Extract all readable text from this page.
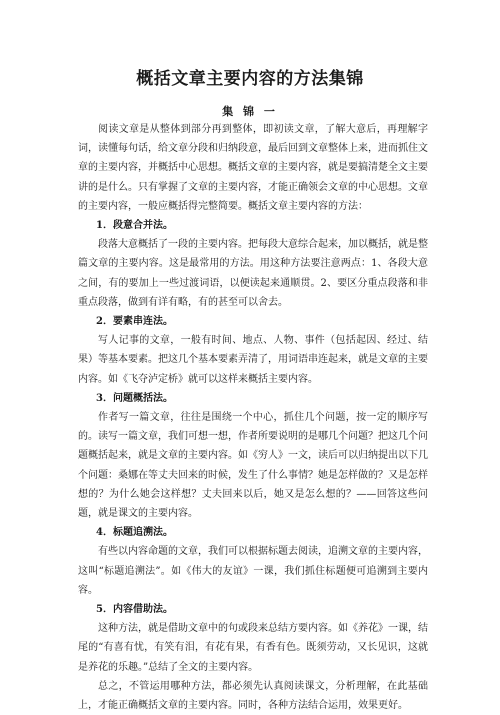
概括文章主要内容的方法集锦
集 锦 一

阅读文章是从整体到部分再到整体，即初读文章，了解大意后，再理解字词，读懂每句话，给文章分段和归纳段意，最后回到文章整体上来，进而抓住文章的主要内容，并概括中心思想。概括文章的主要内容，就是要搞清楚全文主要讲的是什么。只有掌握了文章的主要内容，才能正确领会文章的中心思想。文章的主要内容，一般应概括得完整简要。概括文章主要内容的方法：

1．段意合并法。

段落大意概括了一段的主要内容。把每段大意综合起来，加以概括，就是整篇文章的主要内容。这是最常用的方法。用这种方法要注意两点：1、各段大意之间，有的要加上一些过渡词语，以便读起来通顺贯。2、要区分重点段落和非重点段落，做到有详有略，有的甚至可以舍去。

2．要素串连法。

写人记事的文章，一般有时间、地点、人物、事件（包括起因、经过、结果）等基本要素。把这几个基本要素弄清了，用词语串连起来，就是文章的主要内容。如《飞夺泸定桥》就可以这样来概括主要内容。

3．问题概括法。

作者写一篇文章，往往是围绕一个中心，抓住几个问题，按一定的顺序写的。读写一篇文章，我们可想一想，作者所要说明的是哪几个问题？把这几个问题概括起来，就是文章的主要内容。如《穷人》一文，读后可以归纳提出以下几个问题：桑娜在等丈夫回来的时候，发生了什么事情？她是怎样做的？又是怎样想的？为什么她会这样想？丈夫回来以后，她又是怎么想的？——回答这些问题，就是课文的主要内容。

4．标题追溯法。

有些以内容命题的文章，我们可以根据标题去阅读，追溯文章的主要内容，这叫“标题追溯法”。如《伟大的友谊》一课，我们抓住标题便可追溯到主要内容。

5．内容借助法。

这种方法，就是借助文章中的句或段来总结方要内容。如《养花》一课，结尾的“有喜有忧，有笑有泪，有花有果，有香有色。既须劳动，又长见识，这就是养花的乐趣。”总结了全文的主要内容。

总之，不管运用哪种方法，都必须先认真阅读课文，分析理解，在此基础上，才能正确概括文章的主要内容。同时，各种方法结合运用，效果更好。
